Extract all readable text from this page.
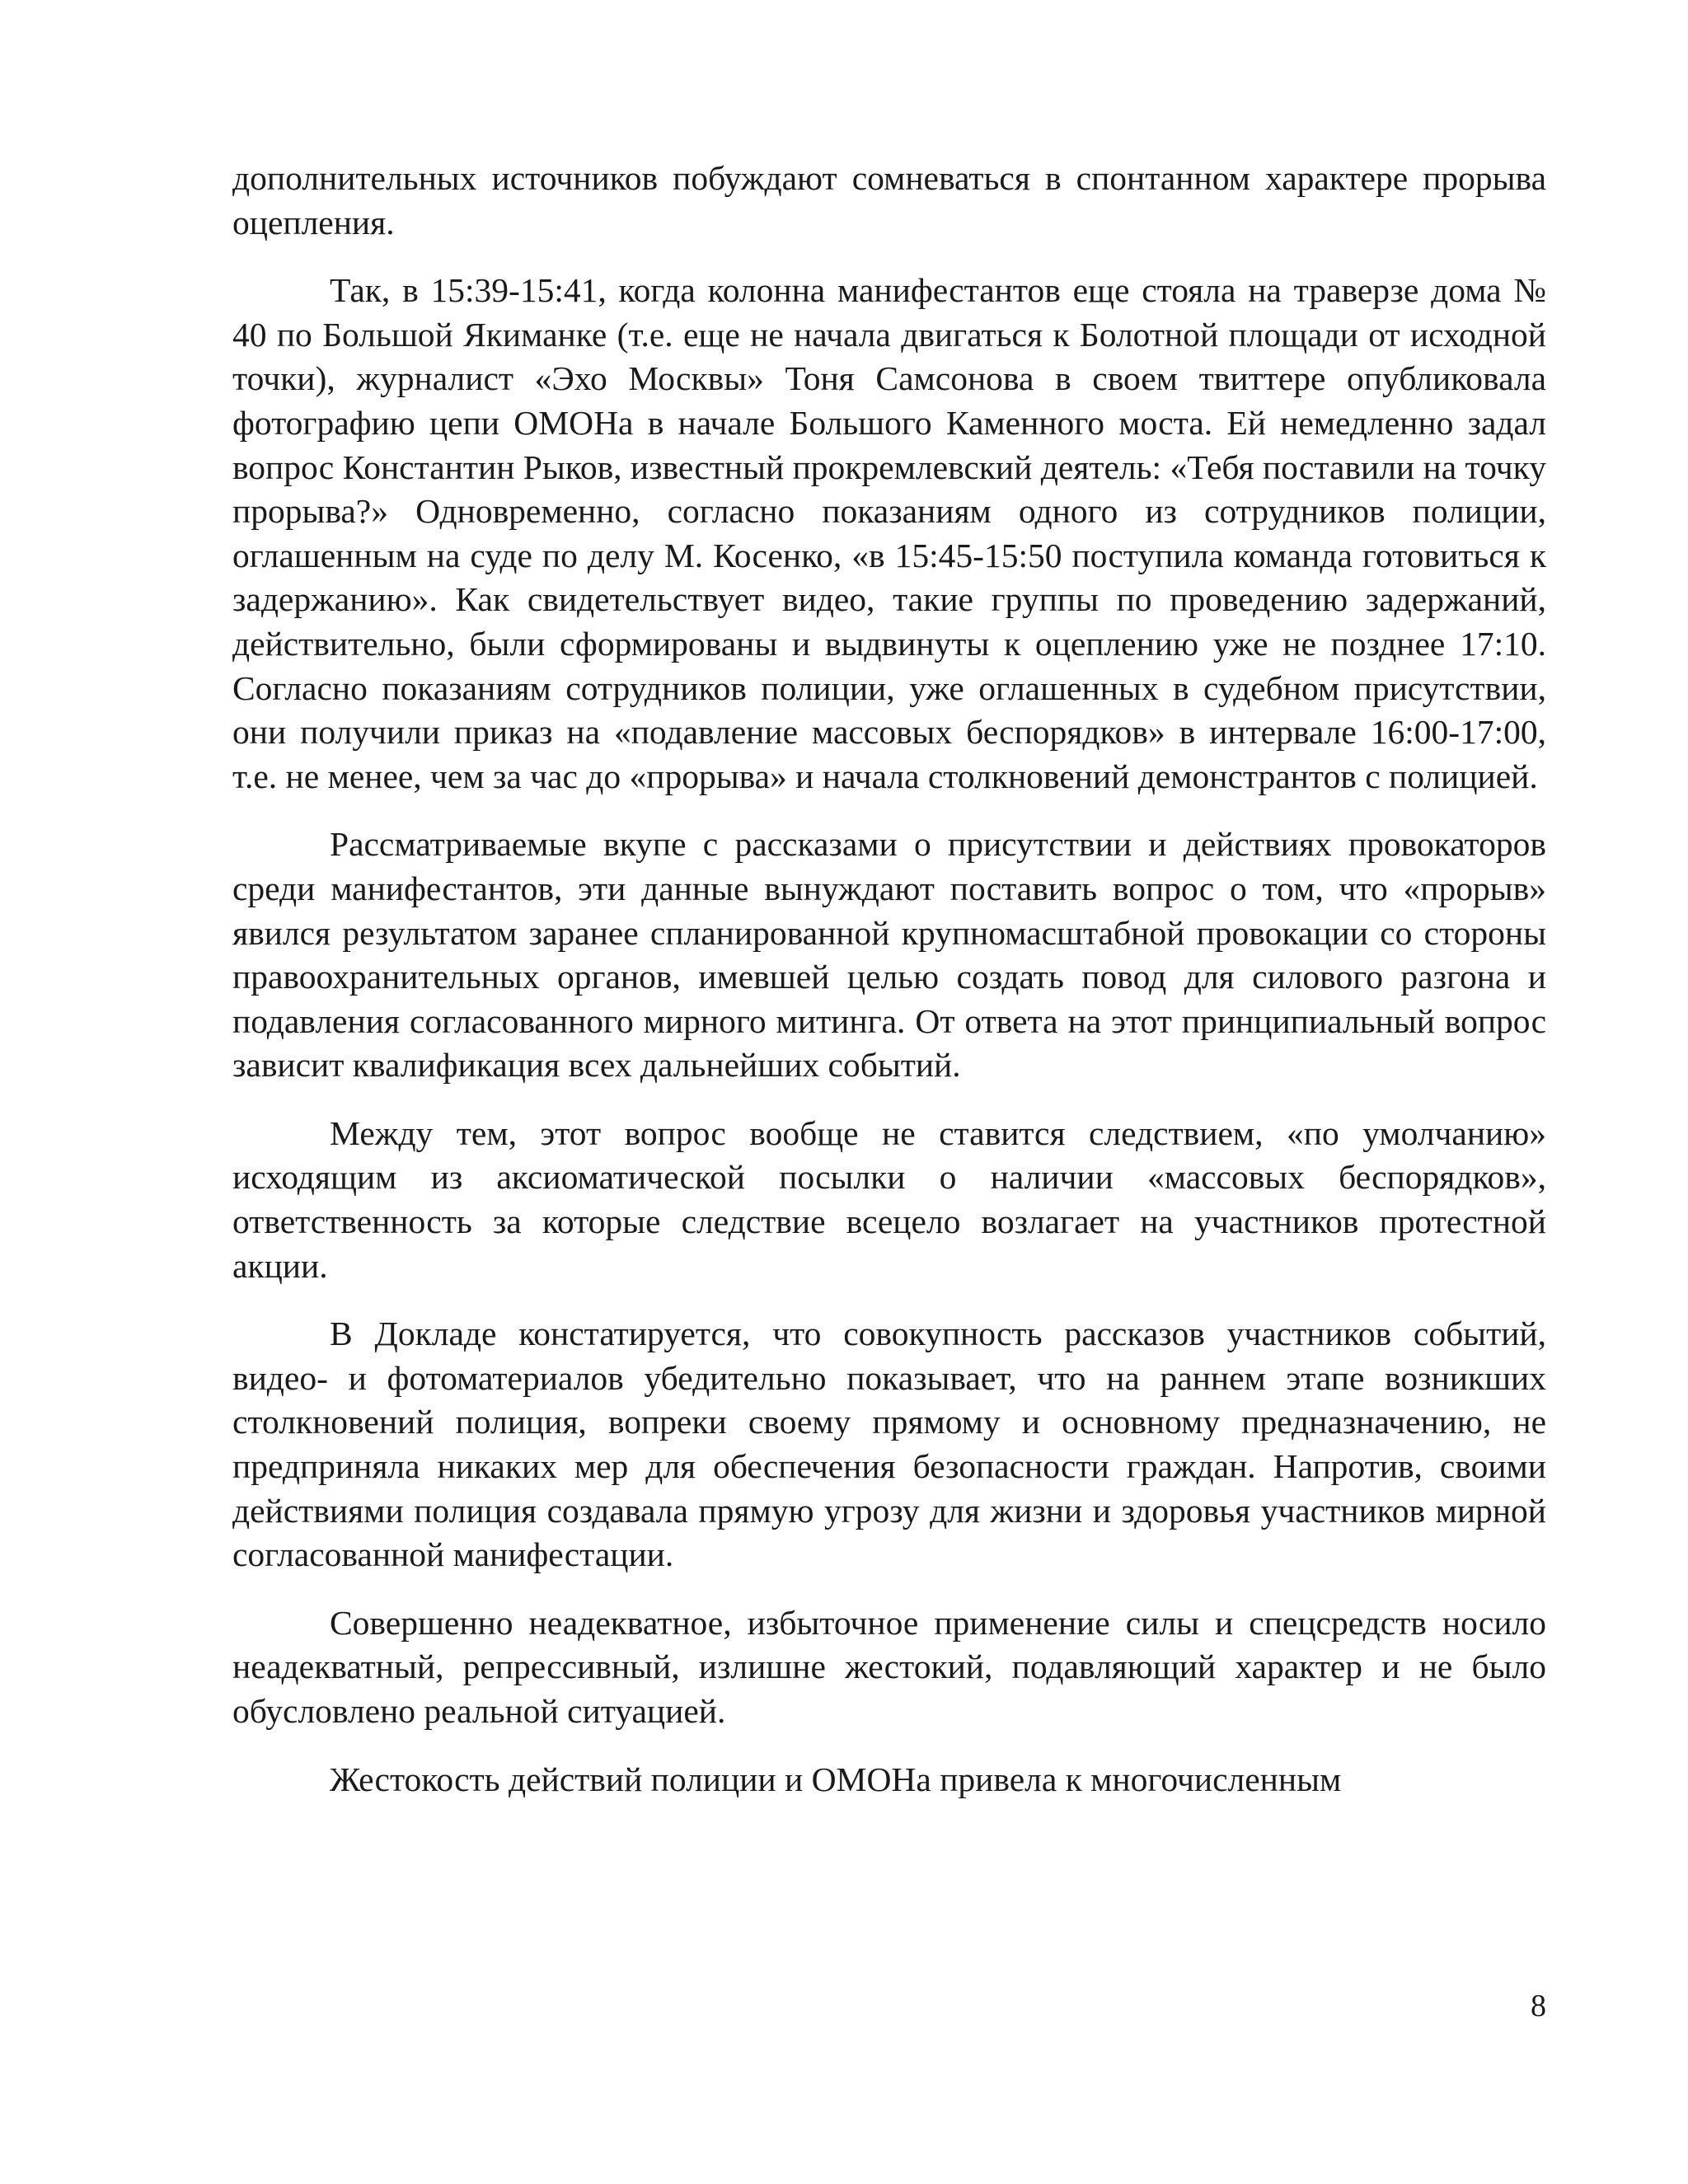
дополнительных источников побуждают сомневаться в спонтанном характере прорыва оцепления.

Так, в 15:39-15:41, когда колонна манифестантов еще стояла на траверзе дома № 40 по Большой Якиманке (т.е. еще не начала двигаться к Болотной площади от исходной точки), журналист «Эхо Москвы» Тоня Самсонова в своем твиттере опубликовала фотографию цепи ОМОНа в начале Большого Каменного моста. Ей немедленно задал вопрос Константин Рыков, известный прокремлевский деятель: «Тебя поставили на точку прорыва?» Одновременно, согласно показаниям одного из сотрудников полиции, оглашенным на суде по делу М. Косенко, «в 15:45-15:50 поступила команда готовиться к задержанию». Как свидетельствует видео, такие группы по проведению задержаний, действительно, были сформированы и выдвинуты к оцеплению уже не позднее 17:10. Согласно показаниям сотрудников полиции, уже оглашенных в судебном присутствии, они получили приказ на «подавление массовых беспорядков» в интервале 16:00-17:00, т.е. не менее, чем за час до «прорыва» и начала столкновений демонстрантов с полицией.

Рассматриваемые вкупе с рассказами о присутствии и действиях провокаторов среди манифестантов, эти данные вынуждают поставить вопрос о том, что «прорыв» явился результатом заранее спланированной крупномасштабной провокации со стороны правоохранительных органов, имевшей целью создать повод для силового разгона и подавления согласованного мирного митинга. От ответа на этот принципиальный вопрос зависит квалификация всех дальнейших событий.

Между тем, этот вопрос вообще не ставится следствием, «по умолчанию» исходящим из аксиоматической посылки о наличии «массовых беспорядков», ответственность за которые следствие всецело возлагает на участников протестной акции.

В Докладе констатируется, что совокупность рассказов участников событий, видео- и фотоматериалов убедительно показывает, что на раннем этапе возникших столкновений полиция, вопреки своему прямому и основному предназначению, не предприняла никаких мер для обеспечения безопасности граждан. Напротив, своими действиями полиция создавала прямую угрозу для жизни и здоровья участников мирной согласованной манифестации.

Совершенно неадекватное, избыточное применение силы и спецсредств носило неадекватный, репрессивный, излишне жестокий, подавляющий характер и не было обусловлено реальной ситуацией.

Жестокость действий полиции и ОМОНа привела к многочисленным

8
